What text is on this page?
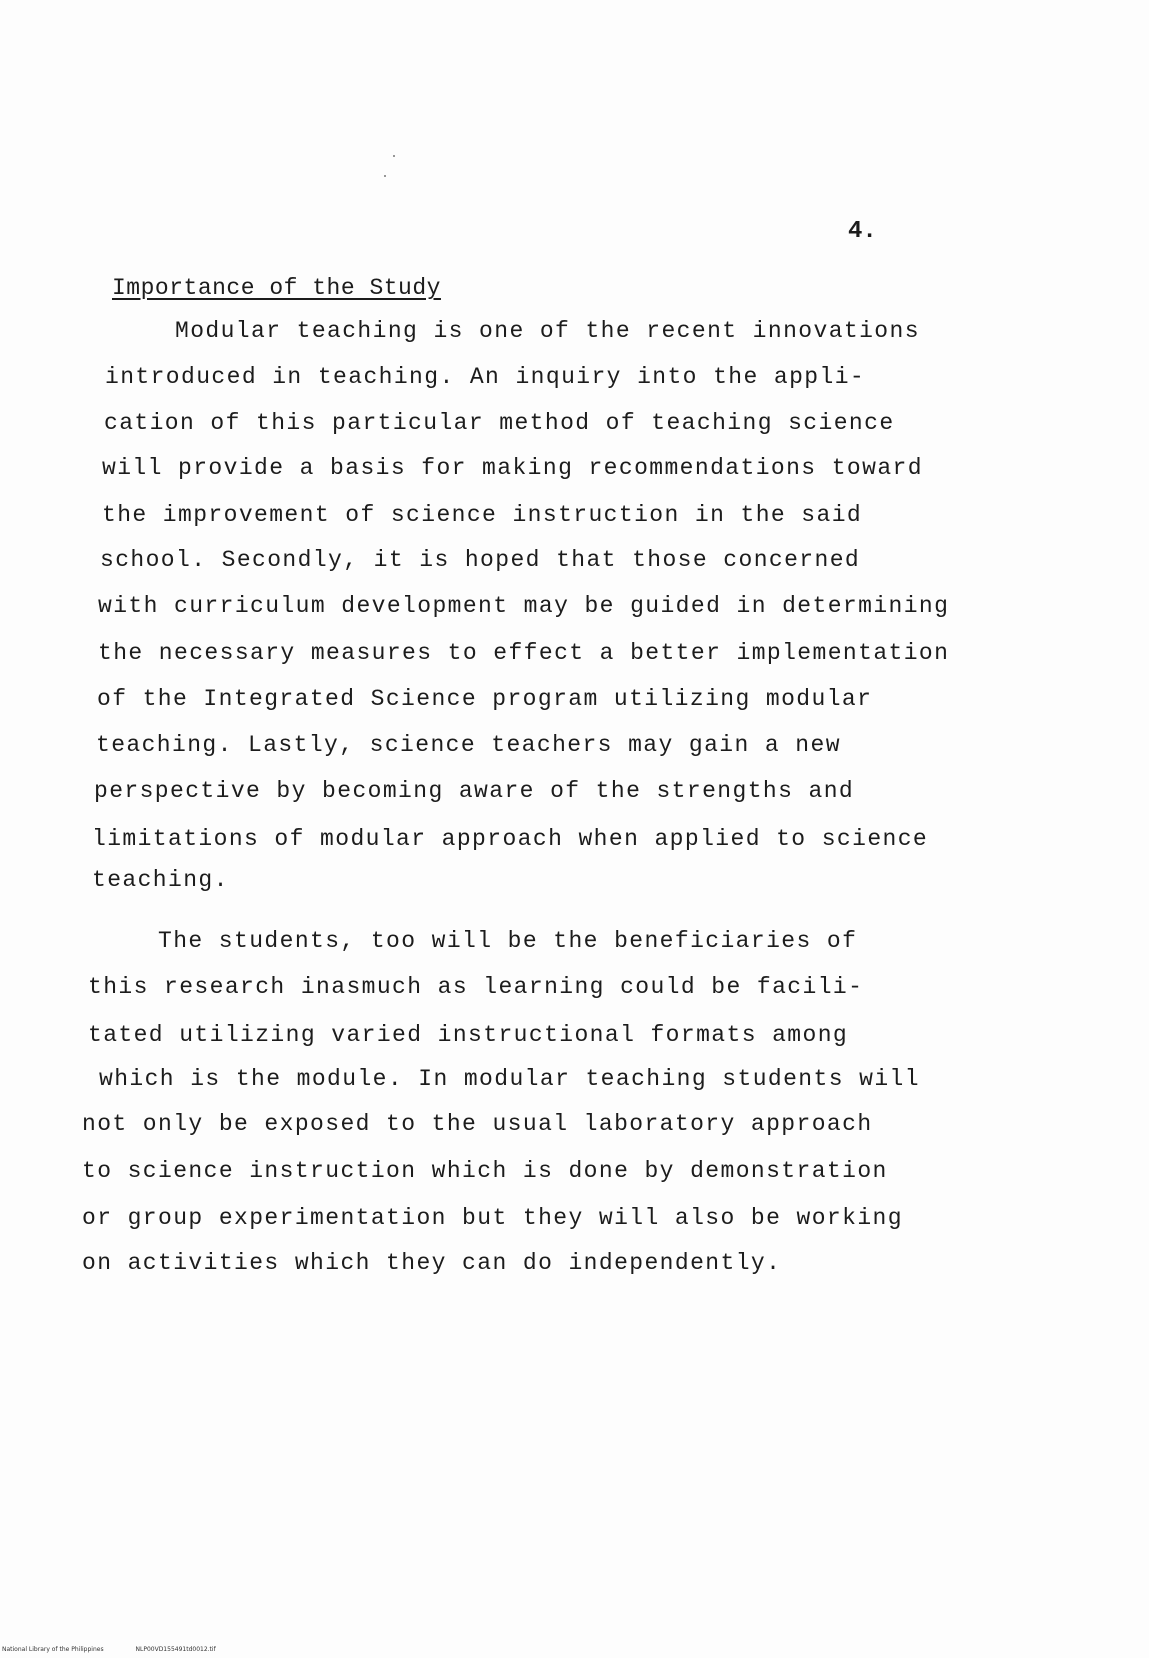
4.
Importance of the Study
Modular teaching is one of the recent innovations
introduced in teaching. An inquiry into the appli-
cation of this particular method of teaching science
will provide a basis for making recommendations toward
the improvement of science instruction in the said
school. Secondly, it is hoped that those concerned
with curriculum development may be guided in determining
the necessary measures to effect a better implementation
of the Integrated Science program utilizing modular
teaching. Lastly, science teachers may gain a new
perspective by becoming aware of the strengths and
limitations of modular approach when applied to science
teaching.
The students, too will be the beneficiaries of
this research inasmuch as learning could be facili-
tated utilizing varied instructional formats among
which is the module. In modular teaching students will
not only be exposed to the usual laboratory approach
to science instruction which is done by demonstration
or group experimentation but they will also be working
on activities which they can do independently.
National Library of the Philippines	NLP00VD155491td0012.tif
